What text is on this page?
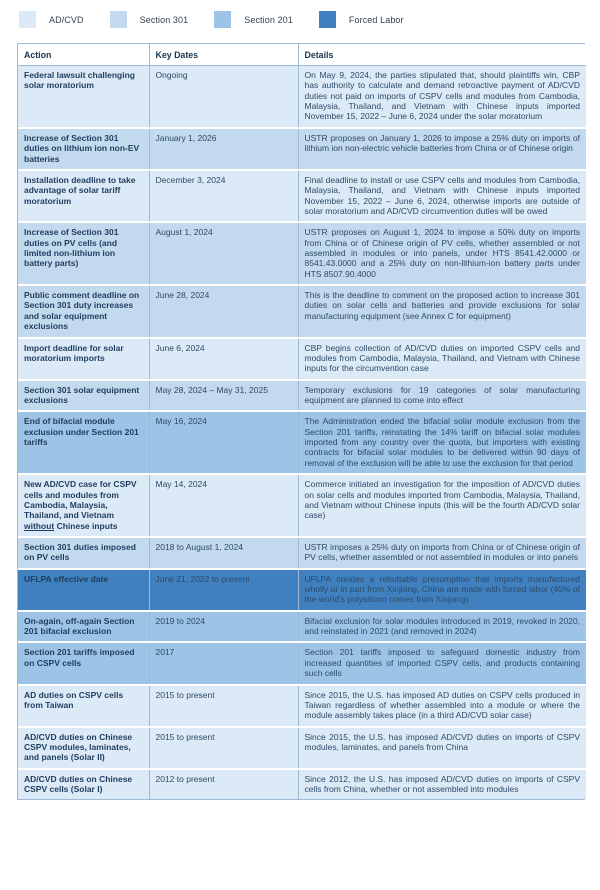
AD/CVD	Section 301	Section 201	Forced Labor
Action	Key Dates	Details
Federal lawsuit challenging solar moratorium	Ongoing	On May 9, 2024, the parties stipulated that, should plaintiffs win, CBP has authority to calculate and demand retroactive payment of AD/CVD duties not paid on imports of CSPV cells and modules from Cambodia, Malaysia, Thailand, and Vietnam with Chinese inputs imported November 15, 2022 – June 6, 2024 under the solar moratorium
Increase of Section 301 duties on lithium ion non-EV batteries	January 1, 2026	USTR proposes on January 1, 2026 to impose a 25% duty on imports of lithium ion non-electric vehicle batteries from China or of Chinese origin
Installation deadline to take advantage of solar tariff moratorium	December 3, 2024	Final deadline to install or use CSPV cells and modules from Cambodia, Malaysia, Thailand, and Vietnam with Chinese inputs imported November 15, 2022 – June 6, 2024, otherwise imports are outside of solar moratorium and AD/CVD circumvention duties will be owed
Increase of Section 301 duties on PV cells (and limited non-lithium ion battery parts)	August 1, 2024	USTR proposes on August 1, 2024 to impose a 50% duty on imports from China or of Chinese origin of PV cells, whether assembled or not assembled in modules or into panels, under HTS 8541.42.0000 or 8541.43.0000 and a 25% duty on non-lithium-ion battery parts under HTS 8507.90.4000
Public comment deadline on Section 301 duty increases and solar equipment exclusions	June 28, 2024	This is the deadline to comment on the proposed action to increase 301 duties on solar cells and batteries and provide exclusions for solar manufacturing equipment (see Annex C for equipment)
Import deadline for solar moratorium imports	June 6, 2024	CBP begins collection of AD/CVD duties on imported CSPV cells and modules from Cambodia, Malaysia, Thailand, and Vietnam with Chinese inputs for the circumvention case
Section 301 solar equipment exclusions	May 28, 2024 – May 31, 2025	Temporary exclusions for 19 categories of solar manufacturing equipment are planned to come into effect
End of bifacial module exclusion under Section 201 tariffs	May 16, 2024	The Administration ended the bifacial solar module exclusion from the Section 201 tariffs, reinstating the 14% tariff on bifacial solar modules imported from any country over the quota, but importers with existing contracts for bifacial solar modules to be delivered within 90 days of removal of the exclusion will be able to use the exclusion for that period
New AD/CVD case for CSPV cells and modules from Cambodia, Malaysia, Thailand, and Vietnam without Chinese inputs	May 14, 2024	Commerce initiated an investigation for the imposition of AD/CVD duties on solar cells and modules imported from Cambodia, Malaysia, Thailand, and Vietnam without Chinese inputs (this will be the fourth AD/CVD solar case)
Section 301 duties imposed on PV cells	2018 to August 1, 2024	USTR imposes a 25% duty on imports from China or of Chinese origin of PV cells, whether assembled or not assembled in modules or into panels
UFLPA effective date	June 21, 2022 to present	UFLPA creates a rebuttable presumption that imports manufactured wholly or in part from Xinjiang, China are made with forced labor (45% of the world's polysilicon comes from Xinjiang)
On-again, off-again Section 201 bifacial exclusion	2019 to 2024	Bifacial exclusion for solar modules introduced in 2019, revoked in 2020, and reinstated in 2021 (and removed in 2024)
Section 201 tariffs imposed on CSPV cells	2017	Section 201 tariffs imposed to safeguard domestic industry from increased quantities of imported CSPV cells, and products containing such cells
AD duties on CSPV cells from Taiwan	2015 to present	Since 2015, the U.S. has imposed AD duties on CSPV cells produced in Taiwan regardless of whether assembled into a module or where the module assembly takes place (in a third AD/CVD solar case)
AD/CVD duties on Chinese CSPV modules, laminates, and panels (Solar II)	2015 to present	Since 2015, the U.S. has imposed AD/CVD duties on imports of CSPV modules, laminates, and panels from China
AD/CVD duties on Chinese CSPV cells (Solar I)	2012 to present	Since 2012, the U.S. has imposed AD/CVD duties on imports of CSPV cells from China, whether or not assembled into modules
